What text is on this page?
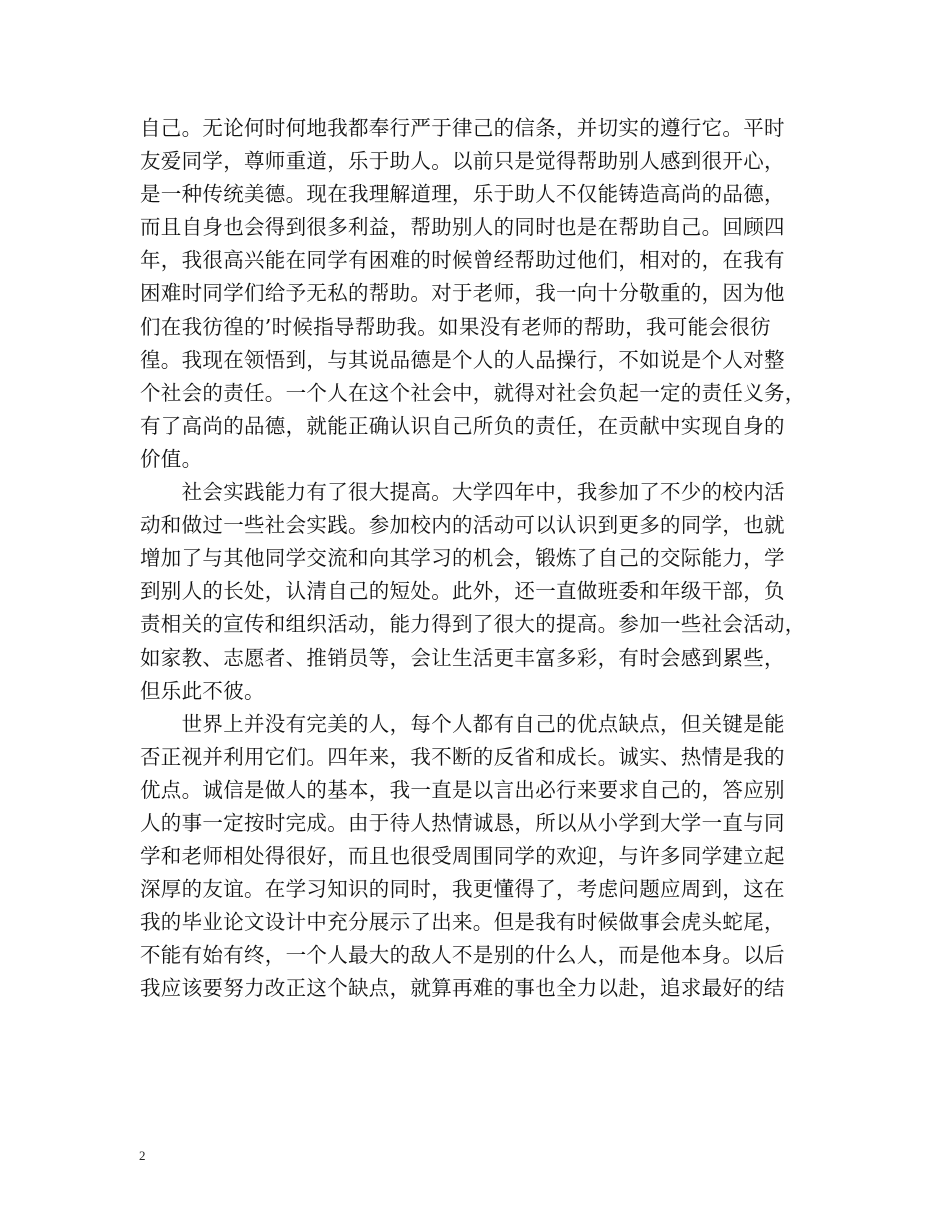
自己。无论何时何地我都奉行严于律己的信条，并切实的遵行它。平时
友爱同学，尊师重道，乐于助人。以前只是觉得帮助别人感到很开心，
是一种传统美德。现在我理解道理，乐于助人不仅能铸造高尚的品德，
而且自身也会得到很多利益，帮助别人的同时也是在帮助自己。回顾四
年，我很高兴能在同学有困难的时候曾经帮助过他们，相对的，在我有
困难时同学们给予无私的帮助。对于老师，我一向十分敬重的，因为他
们在我彷徨的’时候指导帮助我。如果没有老师的帮助，我可能会很彷
徨。我现在领悟到，与其说品德是个人的人品操行，不如说是个人对整
个社会的责任。一个人在这个社会中，就得对社会负起一定的责任义务，
有了高尚的品德，就能正确认识自己所负的责任，在贡献中实现自身的
价值。
　　社会实践能力有了很大提高。大学四年中，我参加了不少的校内活
动和做过一些社会实践。参加校内的活动可以认识到更多的同学，也就
增加了与其他同学交流和向其学习的机会，锻炼了自己的交际能力，学
到别人的长处，认清自己的短处。此外，还一直做班委和年级干部，负
责相关的宣传和组织活动，能力得到了很大的提高。参加一些社会活动，
如家教、志愿者、推销员等，会让生活更丰富多彩，有时会感到累些，
但乐此不彼。
　　世界上并没有完美的人，每个人都有自己的优点缺点，但关键是能
否正视并利用它们。四年来，我不断的反省和成长。诚实、热情是我的
优点。诚信是做人的基本，我一直是以言出必行来要求自己的，答应别
人的事一定按时完成。由于待人热情诚恳，所以从小学到大学一直与同
学和老师相处得很好，而且也很受周围同学的欢迎，与许多同学建立起
深厚的友谊。在学习知识的同时，我更懂得了，考虑问题应周到，这在
我的毕业论文设计中充分展示了出来。但是我有时候做事会虎头蛇尾，
不能有始有终，一个人最大的敌人不是别的什么人，而是他本身。以后
我应该要努力改正这个缺点，就算再难的事也全力以赴，追求最好的结
2
